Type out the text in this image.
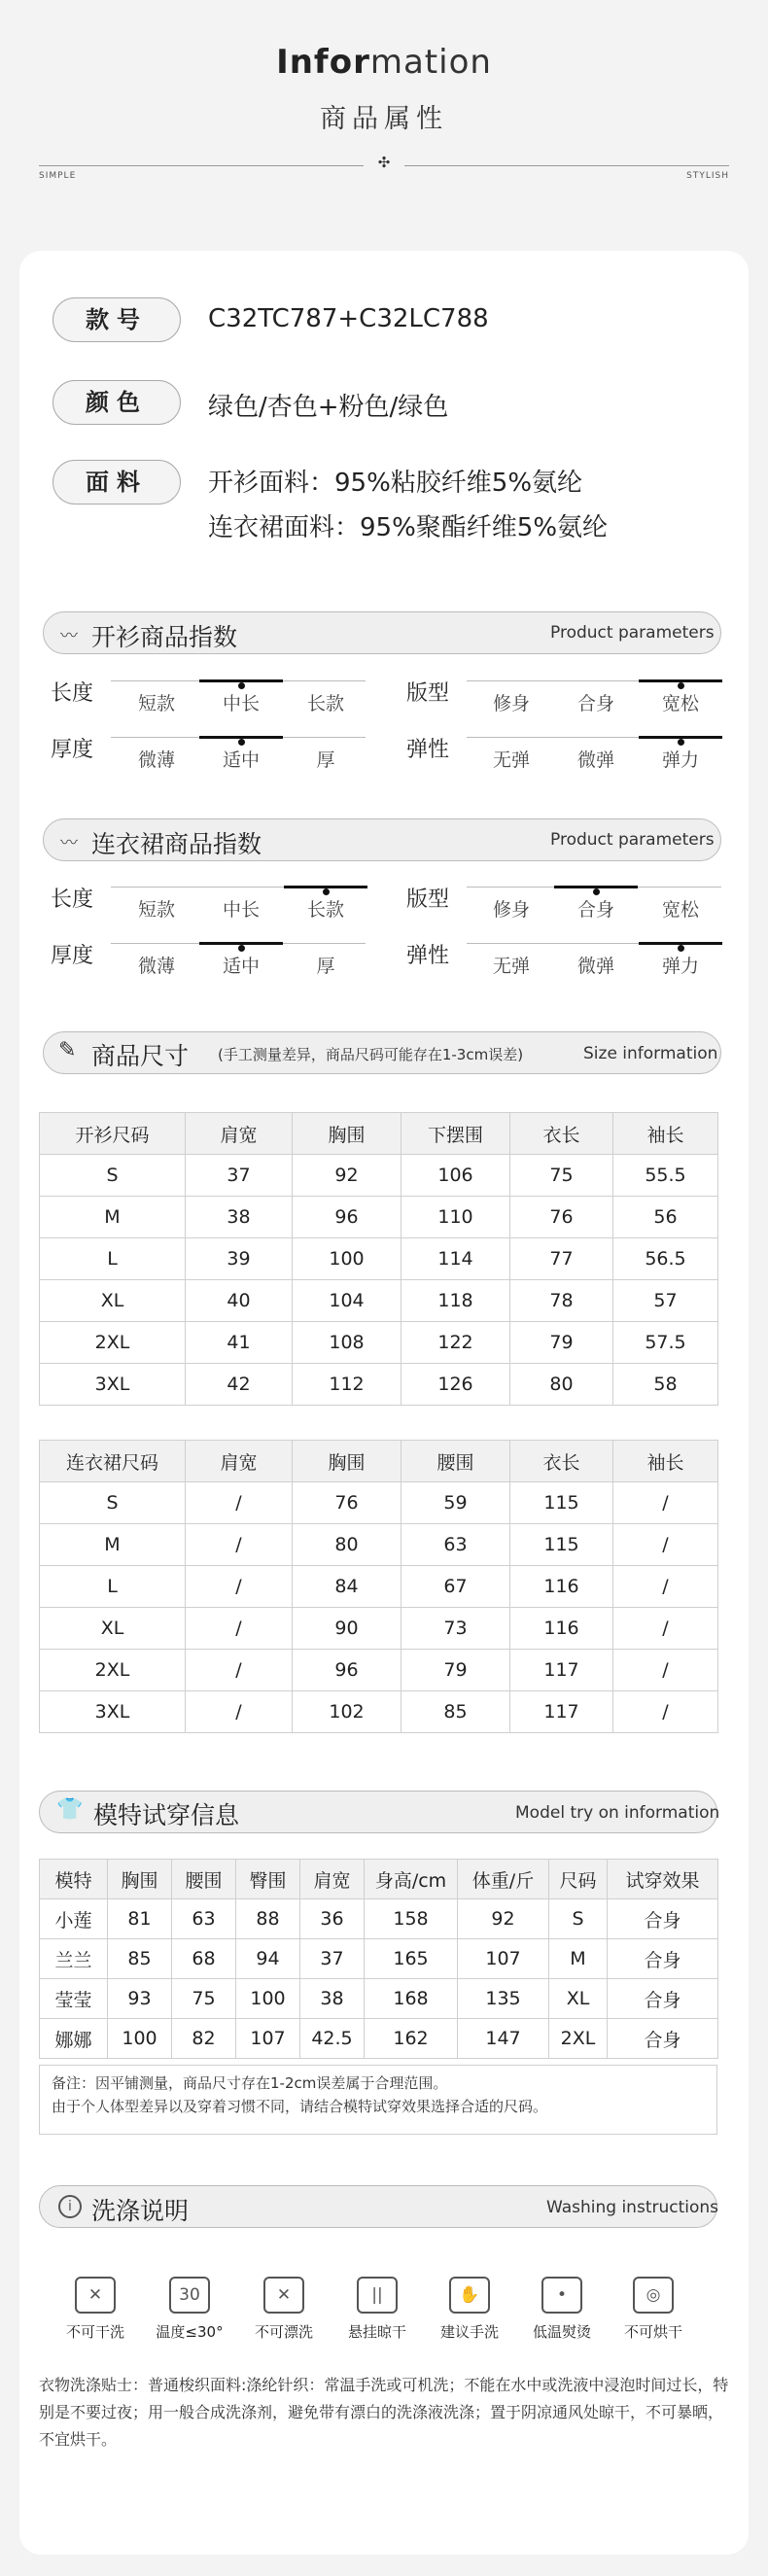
Information
商品属性
✣
SIMPLE	STYLISH
款号	C32TC787+C32LC788
颜色	绿色/杏色+粉色/绿色
面料	开衫面料：95%粘胶纤维5%氨纶
连衣裙面料：95%聚酯纤维5%氨纶
〰 开衫商品指数	Product parameters
〰 连衣裙商品指数	Product parameters
长度	短款	中长	长款	版型	修身	合身	宽松
厚度	微薄	适中	厚	弹性	无弹	微弹	弹力
长度	短款	中长	长款	版型	修身	合身	宽松
厚度	微薄	适中	厚	弹性	无弹	微弹	弹力
✎ 商品尺寸 (手工测量差异，商品尺码可能存在1-3cm误差)	Size information
开衫尺码	肩宽	胸围	下摆围	衣长	袖长
S	37	92	106	75	55.5
M	38	96	110	76	56
L	39	100	114	77	56.5
XL	40	104	118	78	57
2XL	41	108	122	79	57.5
3XL	42	112	126	80	58
连衣裙尺码	肩宽	胸围	腰围	衣长	袖长
S	/	76	59	115	/
M	/	80	63	115	/
L	/	84	67	116	/
XL	/	90	73	116	/
2XL	/	96	79	117	/
3XL	/	102	85	117	/
👕 模特试穿信息	Model try on information
模特	胸围	腰围	臀围	肩宽	身高/cm	体重/斤	尺码	试穿效果
小莲	81	63	88	36	158	92	S	合身
兰兰	85	68	94	37	165	107	M	合身
莹莹	93	75	100	38	168	135	XL	合身
娜娜	100	82	107	42.5	162	147	2XL	合身
备注：因平铺测量，商品尺寸存在1-2cm误差属于合理范围。
由于个人体型差异以及穿着习惯不同，请结合模特试穿效果选择合适的尺码。
i 洗涤说明	Washing instructions
✕
不可干洗
30
温度≤30°
✕
不可漂洗
||
悬挂晾干
✋
建议手洗
•
低温熨烫
◎
不可烘干
衣物洗涤贴士：普通梭织面料:涤纶针织：常温手洗或可机洗；不能在水中或洗液中浸泡时间过长，特别是不要过夜；用一般合成洗涤剂，避免带有漂白的洗涤液洗涤；置于阴凉通风处晾干，不可暴晒，不宜烘干。
